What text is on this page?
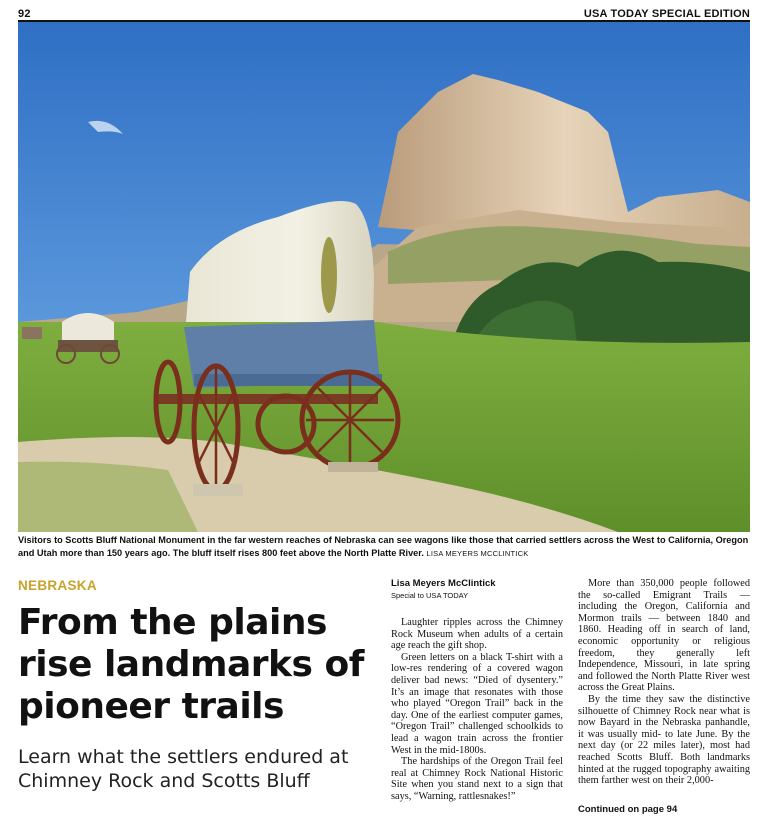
92	USA TODAY SPECIAL EDITION
Visitors to Scotts Bluff National Monument in the far western reaches of Nebraska can see wagons like those that carried settlers across the West to California, Oregon and Utah more than 150 years ago. The bluff itself rises 800 feet above the North Platte River. LISA MEYERS MCCLINTICK
NEBRASKA
From the plains rise landmarks of pioneer trails
Learn what the settlers endured at Chimney Rock and Scotts Bluff
Lisa Meyers McClintick
Special to USA TODAY

Laughter ripples across the Chimney Rock Museum when adults of a certain age reach the gift shop.

Green letters on a black T-shirt with a low-res rendering of a covered wagon deliver bad news: “Died of dysentery.” It’s an image that resonates with those who played “Oregon Trail” back in the day. One of the earliest computer games, “Oregon Trail” challenged schoolkids to lead a wagon train across the frontier West in the mid-1800s.

The hardships of the Oregon Trail feel real at Chimney Rock National Historic Site when you stand next to a sign that says, “Warning, rattlesnakes!”

More than 350,000 people followed the so-called Emigrant Trails — including the Oregon, California and Mormon trails — between 1840 and 1860. Heading off in search of land, economic opportunity or religious freedom, they generally left Independence, Missouri, in late spring and followed the North Platte River west across the Great Plains.

By the time they saw the distinctive silhouette of Chimney Rock near what is now Bayard in the Nebraska panhandle, it was usually mid- to late June. By the next day (or 22 miles later), most had reached Scotts Bluff. Both landmarks hinted at the rugged topography awaiting them farther west on their 2,000-

Continued on page 94
